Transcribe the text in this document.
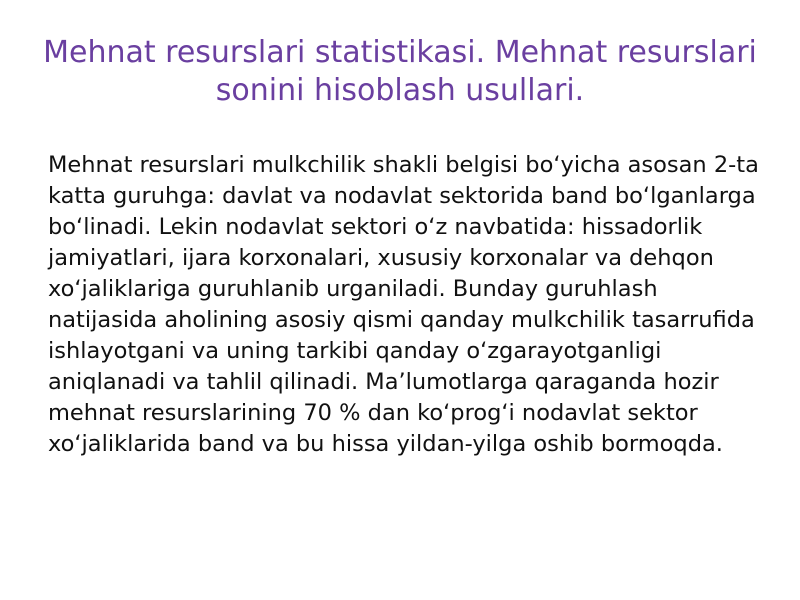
Mehnat resurslari statistikasi. Mehnat resurslari sonini hisoblash usullari.

Mehnat resurslari mulkchilik shakli belgisi bo‘yicha asosan 2-ta katta guruhga: davlat va nodavlat sektorida band bo‘lganlarga bo‘linadi. Lekin nodavlat sektori o‘z navbatida: hissadorlik jamiyatlari, ijara korxonalari, xususiy korxonalar va dehqon xo‘jaliklariga guruhlanib urganiladi. Bunday guruhlash natijasida aholining asosiy qismi qanday mulkchilik tasarrufida ishlayotgani va uning tarkibi qanday o‘zgarayotganligi aniqlanadi va tahlil qilinadi. Ma’lumotlarga qaraganda hozir mehnat resurslarining 70 % dan ko‘prog‘i nodavlat sektor xo‘jaliklarida band va bu hissa yildan-yilga oshib bormoqda.
